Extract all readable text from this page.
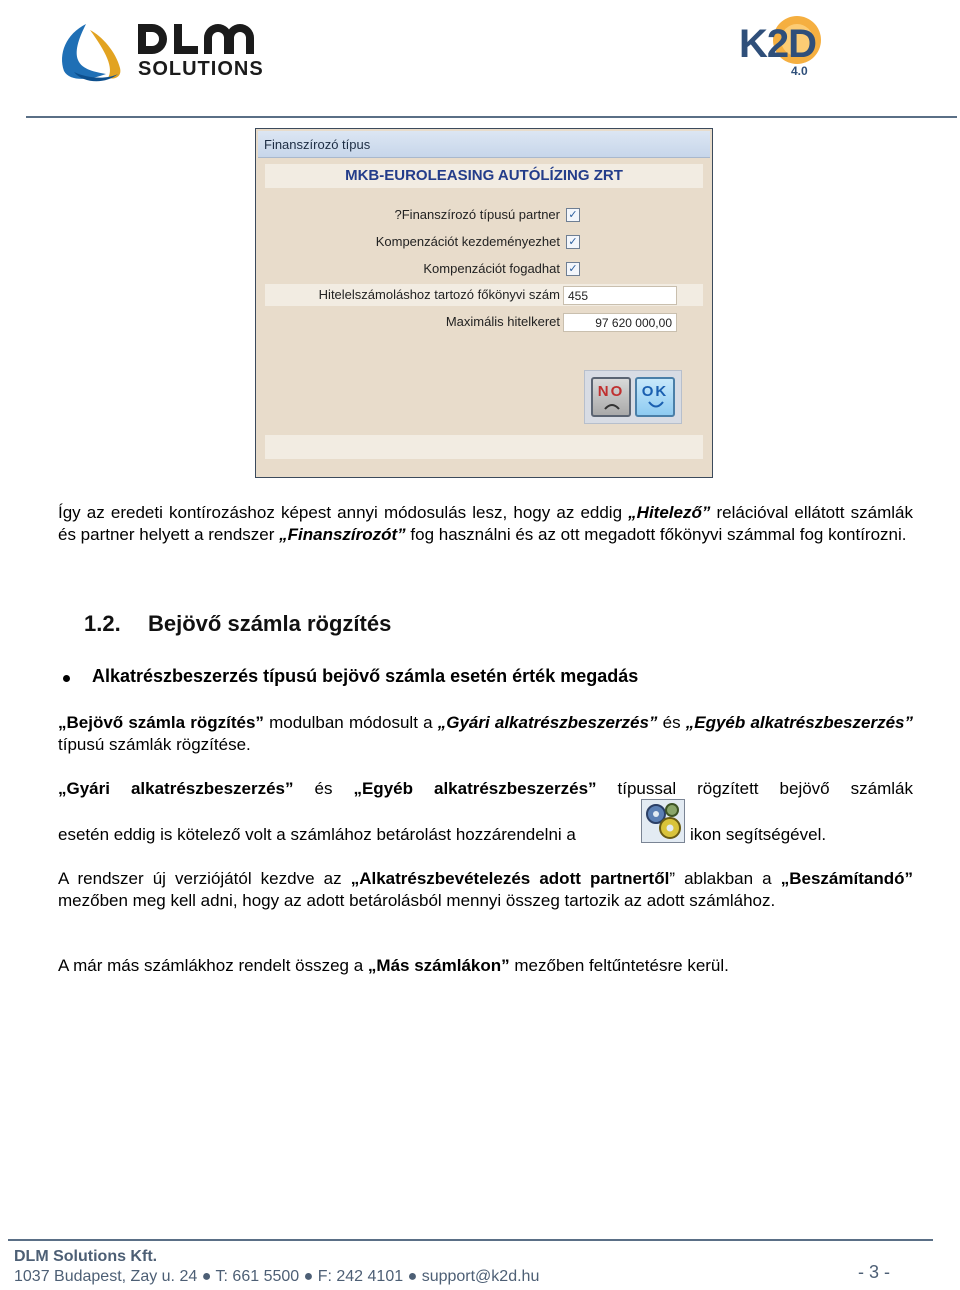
SOLUTIONS
K2D
4.0
Finanszírozó típus
MKB-EUROLEASING AUTÓLÍZING ZRT
?Finanszírozó típusú partner ✓
Kompenzációt kezdeményezhet ✓
Kompenzációt fogadhat ✓
Hitelelszámoláshoz tartozó főkönyvi szám 455
Maximális hitelkeret	97 620 000,00
NO	OK
Így az eredeti kontírozáshoz képest annyi módosulás lesz, hogy az eddig „Hitelező” relációval ellátott számlák és partner helyett a rendszer „Finanszírozót” fog használni és az ott megadott főkönyvi számmal fog kontírozni.
1.2. Bejövő számla rögzítés
Alkatrészbeszerzés típusú bejövő számla esetén érték megadás
„Bejövő számla rögzítés” modulban módosult a „Gyári alkatrészbeszerzés” és „Egyéb alkatrészbeszerzés” típusú számlák rögzítése.
„Gyári alkatrészbeszerzés” és „Egyéb alkatrészbeszerzés” típussal rögzített bejövő számlák
esetén eddig is kötelező volt a számlához betárolást hozzárendelni a	ikon segítségével.
A rendszer új verziójától kezdve az „Alkatrészbevételezés adott partnertől” ablakban a „Beszámítandó” mezőben meg kell adni, hogy az adott betárolásból mennyi összeg tartozik az adott számlához.
A már más számlákhoz rendelt összeg a „Más számlákon” mezőben feltűntetésre kerül.
DLM Solutions Kft.
1037 Budapest, Zay u. 24 ● T: 661 5500 ● F: 242 4101 ● support@k2d.hu	- 3 -
